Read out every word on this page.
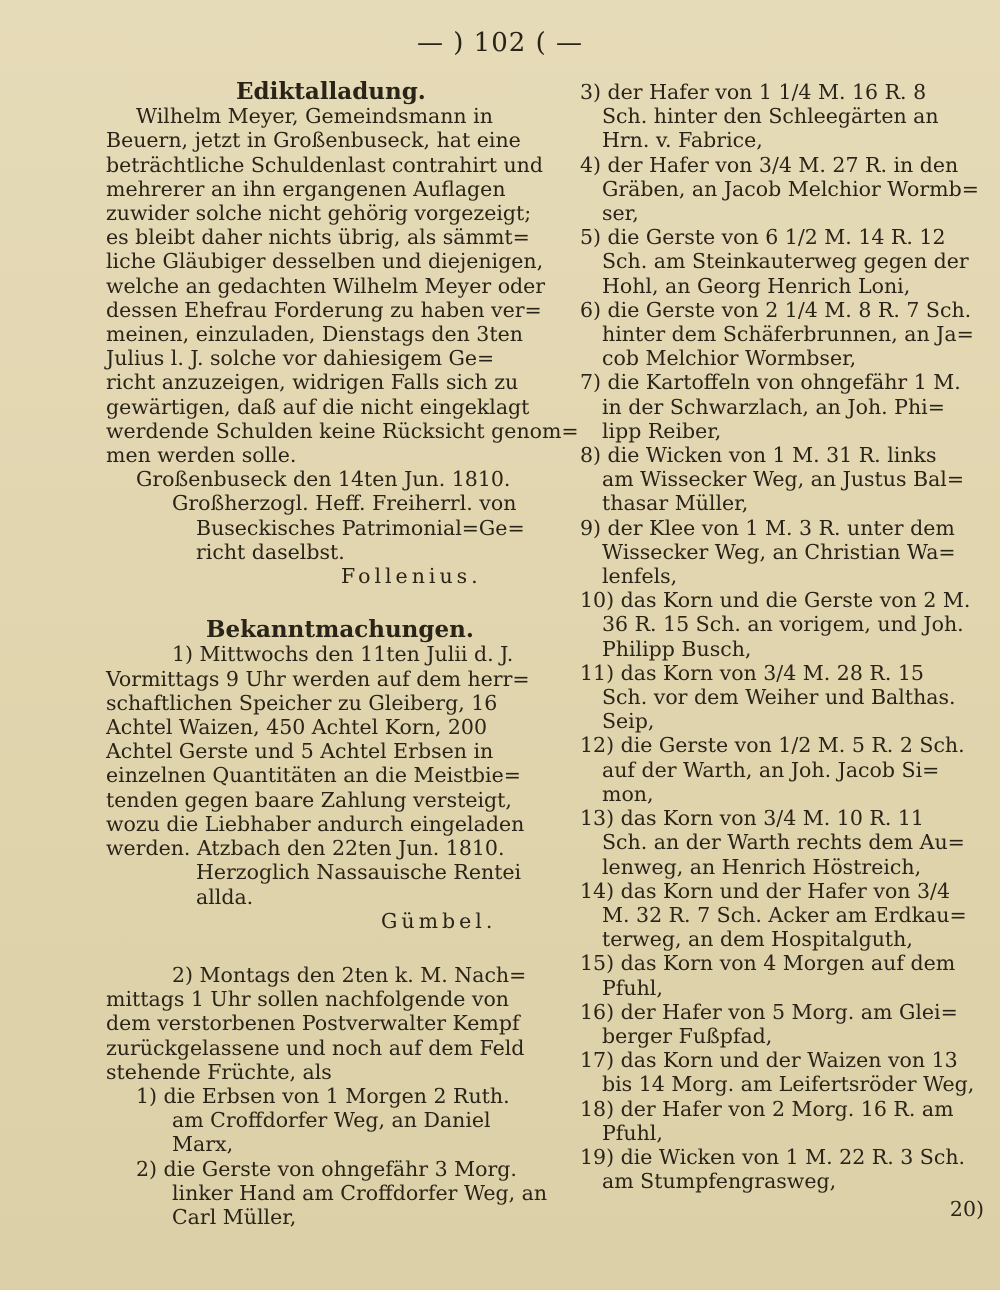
— ) 102 ( —
Ediktalladung.
Wilhelm Meyer, Gemeindsmann in
Beuern, jetzt in Großenbuseck, hat eine
beträchtliche Schuldenlast contrahirt und
mehrerer an ihn ergangenen Auflagen
zuwider solche nicht gehörig vorgezeigt;
es bleibt daher nichts übrig, als sämmt=
liche Gläubiger desselben und diejenigen,
welche an gedachten Wilhelm Meyer oder
dessen Ehefrau Forderung zu haben ver=
meinen, einzuladen, Dienstags den 3ten
Julius l. J. solche vor dahiesigem Ge=
richt anzuzeigen, widrigen Falls sich zu
gewärtigen, daß auf die nicht eingeklagt
werdende Schulden keine Rücksicht genom=
men werden solle.
Großenbuseck den 14ten Jun. 1810.
Großherzogl. Heff. Freiherrl. von
Buseckisches Patrimonial=Ge=
richt daselbst.
Follenius.
Bekanntmachungen.
1) Mittwochs den 11ten Julii d. J.
Vormittags 9 Uhr werden auf dem herr=
schaftlichen Speicher zu Gleiberg, 16
Achtel Waizen, 450 Achtel Korn, 200
Achtel Gerste und 5 Achtel Erbsen in
einzelnen Quantitäten an die Meistbie=
tenden gegen baare Zahlung versteigt,
wozu die Liebhaber andurch eingeladen
werden. Atzbach den 22ten Jun. 1810.
Herzoglich Nassauische Rentei
allda.
Gümbel.
2) Montags den 2ten k. M. Nach=
mittags 1 Uhr sollen nachfolgende von
dem verstorbenen Postverwalter Kempf
zurückgelassene und noch auf dem Feld
stehende Früchte, als
1) die Erbsen von 1 Morgen 2 Ruth.
am Croffdorfer Weg, an Daniel
Marx,
2) die Gerste von ohngefähr 3 Morg.
linker Hand am Croffdorfer Weg, an
Carl Müller,
3) der Hafer von 1 1/4 M. 16 R. 8
Sch. hinter den Schleegärten an
Hrn. v. Fabrice,
4) der Hafer von 3/4 M. 27 R. in den
Gräben, an Jacob Melchior Wormb=
ser,
5) die Gerste von 6 1/2 M. 14 R. 12
Sch. am Steinkauterweg gegen der
Hohl, an Georg Henrich Loni,
6) die Gerste von 2 1/4 M. 8 R. 7 Sch.
hinter dem Schäferbrunnen, an Ja=
cob Melchior Wormbser,
7) die Kartoffeln von ohngefähr 1 M.
in der Schwarzlach, an Joh. Phi=
lipp Reiber,
8) die Wicken von 1 M. 31 R. links
am Wissecker Weg, an Justus Bal=
thasar Müller,
9) der Klee von 1 M. 3 R. unter dem
Wissecker Weg, an Christian Wa=
lenfels,
10) das Korn und die Gerste von 2 M.
36 R. 15 Sch. an vorigem, und Joh.
Philipp Busch,
11) das Korn von 3/4 M. 28 R. 15
Sch. vor dem Weiher und Balthas.
Seip,
12) die Gerste von 1/2 M. 5 R. 2 Sch.
auf der Warth, an Joh. Jacob Si=
mon,
13) das Korn von 3/4 M. 10 R. 11
Sch. an der Warth rechts dem Au=
lenweg, an Henrich Höstreich,
14) das Korn und der Hafer von 3/4
M. 32 R. 7 Sch. Acker am Erdkau=
terweg, an dem Hospitalguth,
15) das Korn von 4 Morgen auf dem
Pfuhl,
16) der Hafer von 5 Morg. am Glei=
berger Fußpfad,
17) das Korn und der Waizen von 13
bis 14 Morg. am Leifertsröder Weg,
18) der Hafer von 2 Morg. 16 R. am
Pfuhl,
19) die Wicken von 1 M. 22 R. 3 Sch.
am Stumpfengrasweg,
20)
